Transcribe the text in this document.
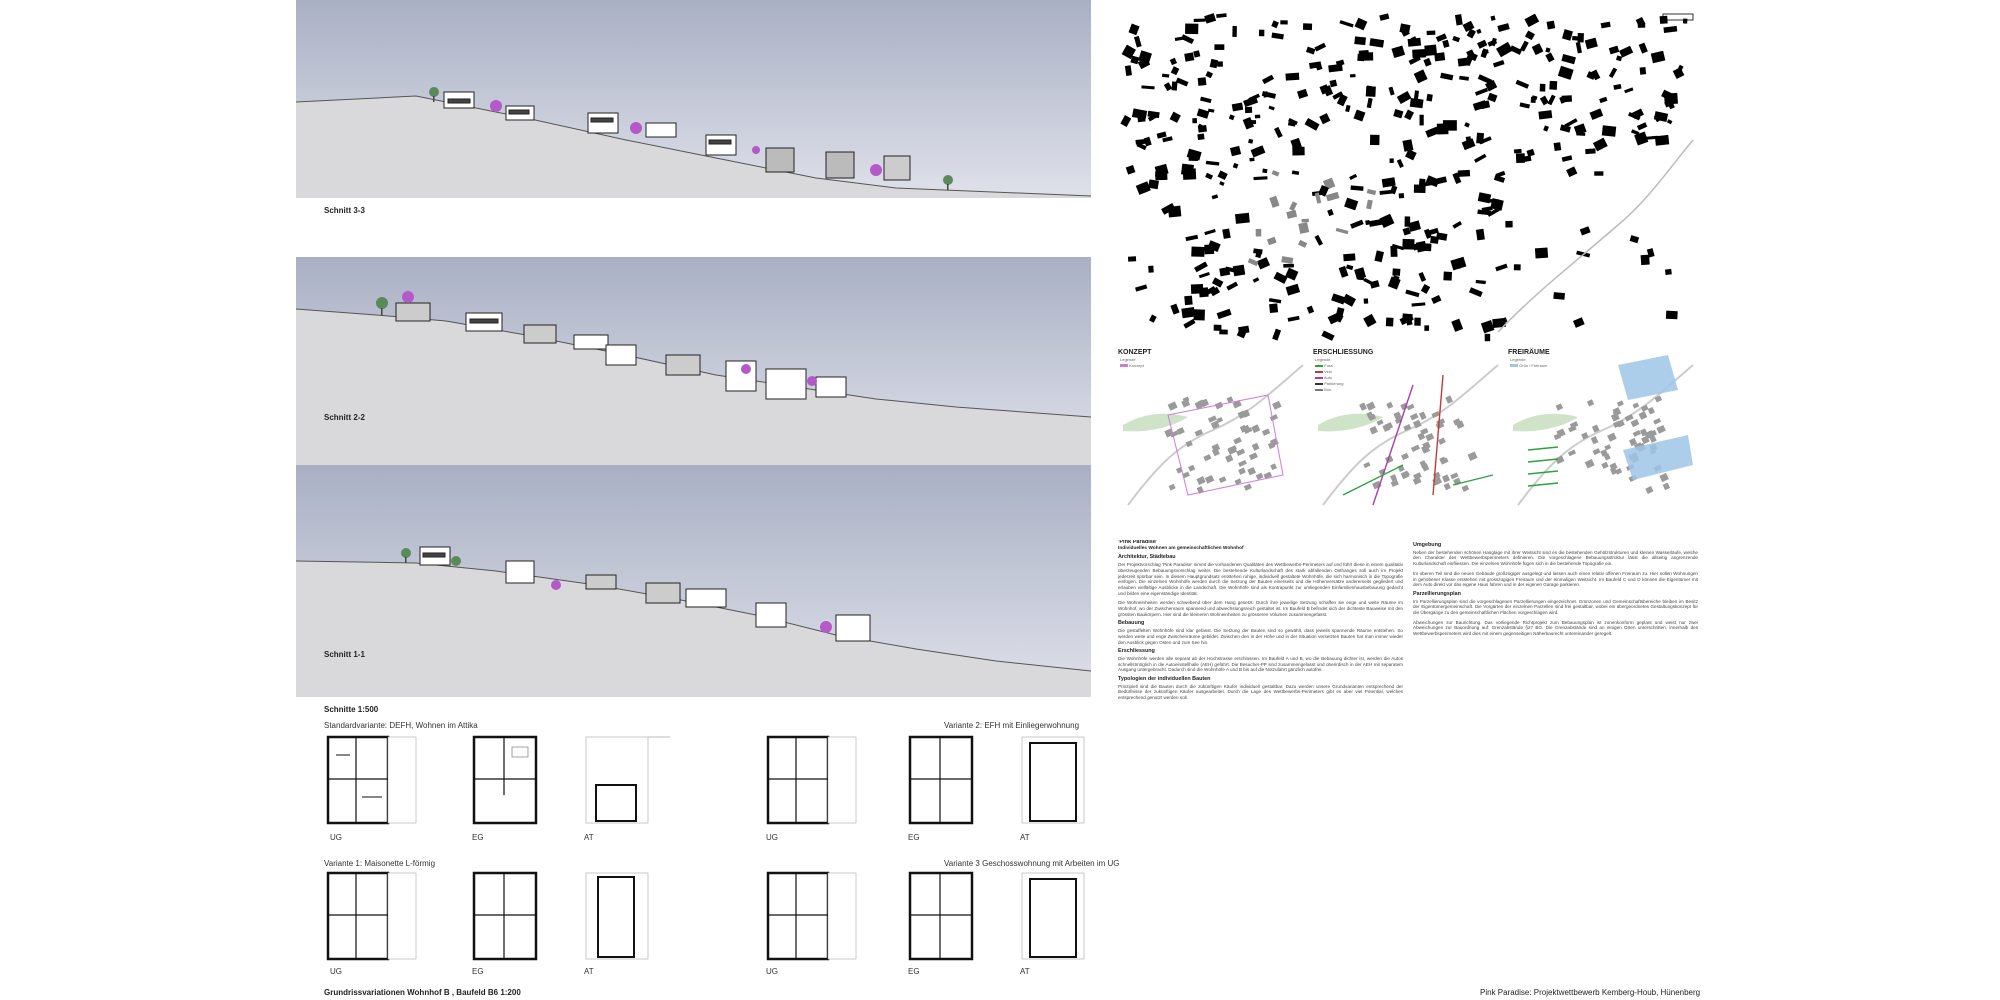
Schnitt 3-3
Schnitt 2-2
Schnitt 1-1
Schnitte 1:500
Standardvariante: DEFH, Wohnen im Attika	Variante 2: EFH mit Einliegerwohnung
Variante 1: Maisonette L-förmig	Variante 3 Geschosswohnung mit Arbeiten im UG
UG	EG	AT	UG	EG	AT
UG	EG	AT	UG	EG	AT
Grundrissvariationen Wohnhof B , Baufeld B6 1:200
KONZEPT
Legende
Konzept
ERSCHLIESSUNG
Legende
Fuss
Velo
Auto
Parkierung
Bus
FREIRÄUME
Legende
Grün / Freiraum
'Pink Paradise'
Individuelles Wohnen am gemeinschaftlichen Wohnhof
Architektur, Städtebau

Der Projektvorschlag 'Pink Paradise' nimmt die vorhandenen Qualitäten des Wettbewerbs-Perimeters auf und führt diese in einem qualitativ überzeugenden Bebauungsvorschlag weiter. Die bestehende Kulturlandschaft des stark abfallenden Osthanges soll auch im Projekt jederzeit spürbar sein. In diesem Hauptgrundsatz entstehen ruhige, individuell gestaltete Wohnhöfe, die sich harmonisch in die Topografie einfügen. Die einzelnen Wohnhöfe werden durch die Setzung der Bauten einerseits und die Höhenversätze andererseits gegliedert und erlauben vielfältige Ausblicke in die Landschaft. Die Wohnhöfe sind als Kontrapunkt zur umliegenden Einfamilienhausbebauung gedacht und bilden eine eigenständige Identität.

Die Wohneinheiten werden schwebend über dem Hang gesetzt. Durch ihre jeweilige Setzung schaffen sie enge und weite Räume im Wohnhof, wo der Zwischenraum spannend und abwechslungsreich gestaltet ist. Im Baufeld B befindet sich der dichteste Bauweise mit den grössten Baukörpern. Hier sind die kleineren Wohneinheiten zu grösseren Volumen zusammengefasst.

Bebauung

Die gestaffelten Wohnhöfe sind klar gefasst. Die Setzung der Bauten sind so gewählt, dass jeweils spannende Räume entstehen. So werden weite und enge Zwischenräume gebildet. Zwischen den in der Höhe und in der Situation versetzten Bauten hat man immer wieder den Ausblick gegen Osten und zum See hin.

Erschliessung

Die Wohnhöfe werden alle separat ab der Hochstrasse erschlossen. Im Baufeld A und B, wo die Bebauung dichter ist, werden die Autos schnellstmöglich in die Autoeinstellhalle (AEH) geführt. Die Besucher-PP sind zusammengefasst und oberirdisch in der AEH mit separatem Ausgang untergebracht. Dadurch sind die Wohnhöfe A und B bis auf die Notzufahrt gänzlich autofrei.

Typologien der individuellen Bauten

Prinzipiell sind die Bauten durch die zukünftigen Käufer individuell gestaltbar. Dazu werden unsere Grundvarianten entsprechend der Bedürfnisse der zukünftigen Käufer ausgearbeitet. Durch die Lage des Wettbewerbs-Perimeters gibt es aber viel Potential, welches entsprechend genutzt werden soll.

Umgebung

Neben der bestehenden schönen Hanglage mit ihrer Weitsicht sind es die bestehenden Gehölzstrukturen und kleinen Wasserläufe, welche den Charakter des Wettbewerbsperimeters definieren. Die vorgeschlagene Bebauungsstruktur lässt die allseitig angrenzende Kulturlandschaft einfliessen. Die einzelnen Wohnhöfe fügen sich in die bestehende Topografie ein.

Im oberen Teil sind die neuen Gebäude großzügiger ausgelegt und lassen auch einen relativ offenen Freiraum zu. Hier sollen Wohnungen in gehobener Klasse entstehen mit grosszügigen Freiraum und der einmaligen Weitsicht. Im Baufeld C und D können die Eigentümer mit dem Auto direkt vor das eigene Haus fahren und in der eigenen Garage parkieren.

Parzellierungsplan

Im Parzellierungsplan sind die vorgeschlagenen Parzellierungen eingezeichnet. Grünzonen und Gemeinschaftsbereiche bleiben im Besitz der Eigentümergemeinschaft. Die Vorgärten der einzelnen Parzellen sind frei gestaltbar, wobei ein übergeordnetes Gestaltungskonzept für die Übergänge zu den gemeinschaftlichen Flächen vorgeschlagen wird.

Abweichungen zur Baurichtung. Das vorliegende Richtprojekt zum Bebauungsplan ist zonenkonform geplant und weist nur zwei Abweichungen zur Bauordnung auf: Grenzabstände §27 BO. Die Grenzabstände sind an einigen Orten unterschritten, innerhalb des Wettbewerbsperimeters wird dies mit einem gegenseitigen Näherbaurecht untereinander geregelt.

Pink Paradise: Projektwettbewerb Kemberg-Houb, Hünenberg
